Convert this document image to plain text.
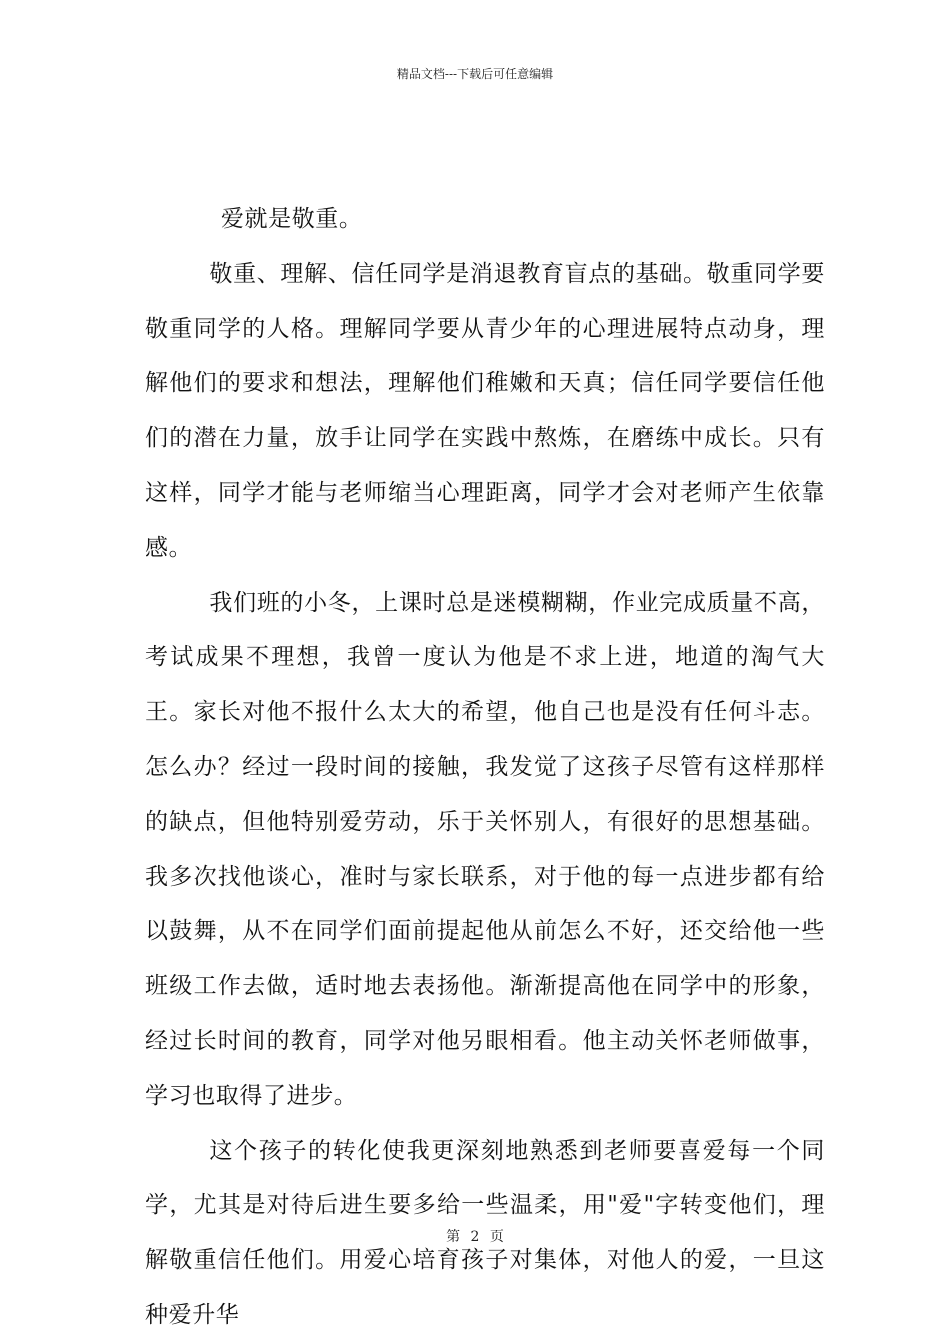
精品文档---下载后可任意编辑

爱就是敬重。

敬重、理解、信任同学是消退教育盲点的基础。敬重同学要敬重同学的人格。理解同学要从青少年的心理进展特点动身，理解他们的要求和想法，理解他们稚嫩和天真；信任同学要信任他们的潜在力量，放手让同学在实践中熬炼，在磨练中成长。只有这样，同学才能与老师缩当心理距离，同学才会对老师产生依靠感。

我们班的小冬，上课时总是迷模糊糊，作业完成质量不高，考试成果不理想，我曾一度认为他是不求上进，地道的淘气大王。家长对他不报什么太大的希望，他自己也是没有任何斗志。怎么办？经过一段时间的接触，我发觉了这孩子尽管有这样那样的缺点，但他特别爱劳动，乐于关怀别人，有很好的思想基础。我多次找他谈心，准时与家长联系，对于他的每一点进步都有给以鼓舞，从不在同学们面前提起他从前怎么不好，还交给他一些班级工作去做，适时地去表扬他。渐渐提高他在同学中的形象，经过长时间的教育，同学对他另眼相看。他主动关怀老师做事，学习也取得了进步。

这个孩子的转化使我更深刻地熟悉到老师要喜爱每一个同学，尤其是对待后进生要多给一些温柔，用"爱"字转变他们，理解敬重信任他们。用爱心培育孩子对集体，对他人的爱，一旦这种爱升华

第 2 页
